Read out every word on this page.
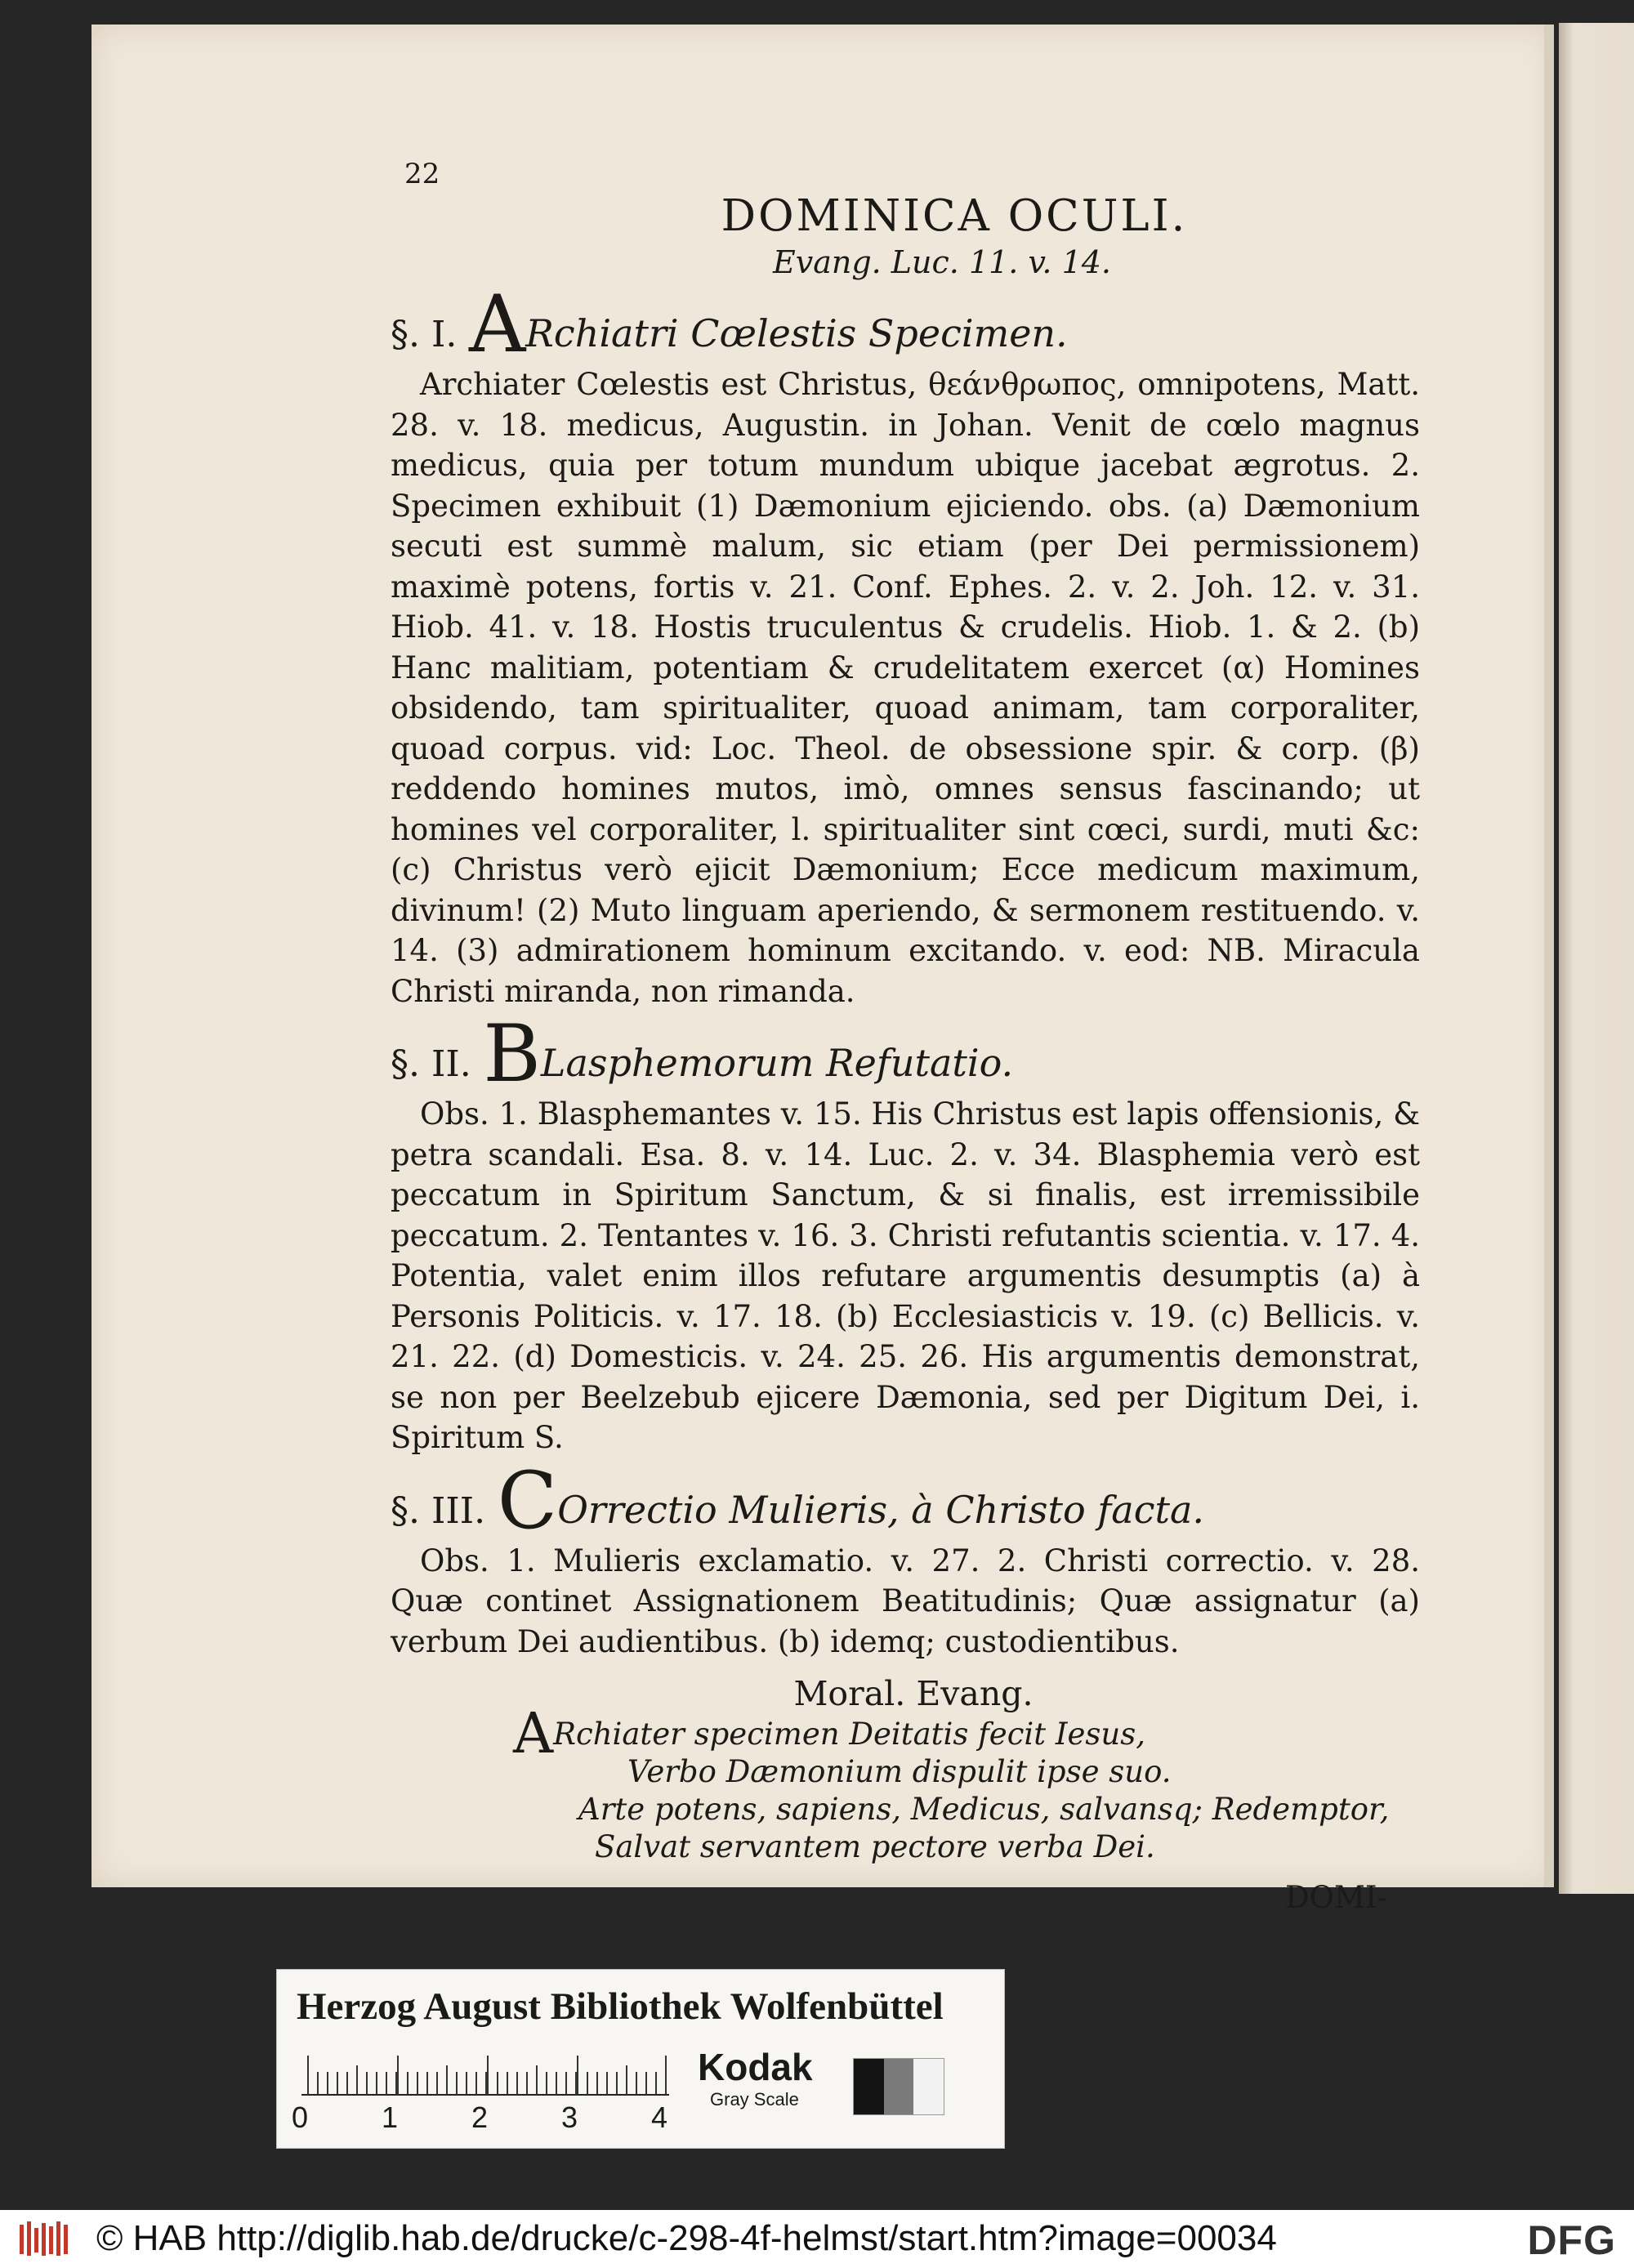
22
DOMINICA OCULI.
Evang. Luc. 11. v. 14.
§. I. ARchiatri Cœlestis Specimen.

Archiater Cœlestis est Christus, θεάνθρωπος, omnipotens, Matt. 28. v. 18. medicus, Augustin. in Johan. Venit de cœlo magnus medicus, quia per totum mundum ubique jacebat ægrotus. 2. Specimen exhibuit (1) Dæmonium ejiciendo. obs. (a) Dæmonium secuti est summè malum, sic etiam (per Dei permissionem) maximè potens, fortis v. 21. Conf. Ephes. 2. v. 2. Joh. 12. v. 31. Hiob. 41. v. 18. Hostis truculentus & crudelis. Hiob. 1. & 2. (b) Hanc malitiam, potentiam & crudelitatem exercet (α) Homines obsidendo, tam spiritualiter, quoad animam, tam corporaliter, quoad corpus. vid: Loc. Theol. de obsessione spir. & corp. (β) reddendo homines mutos, imò, omnes sensus fascinando; ut homines vel corporaliter, l. spiritualiter sint cœci, surdi, muti &c: (c) Christus verò ejicit Dæmonium; Ecce medicum maximum, divinum! (2) Muto linguam aperiendo, & sermonem restituendo. v. 14. (3) admirationem hominum excitando. v. eod: NB. Miracula Christi miranda, non rimanda.

§. II. BLasphemorum Refutatio.

Obs. 1. Blasphemantes v. 15. His Christus est lapis offensionis, & petra scandali. Esa. 8. v. 14. Luc. 2. v. 34. Blasphemia verò est peccatum in Spiritum Sanctum, & si finalis, est irremissibile peccatum. 2. Tentantes v. 16. 3. Christi refutantis scientia. v. 17. 4. Potentia, valet enim illos refutare argumentis desumptis (a) à Personis Politicis. v. 17. 18. (b) Ecclesiasticis v. 19. (c) Bellicis. v. 21. 22. (d) Domesticis. v. 24. 25. 26. His argumentis demonstrat, se non per Beelzebub ejicere Dæmonia, sed per Digitum Dei, i. Spiritum S.

§. III. COrrectio Mulieris, à Christo facta.

Obs. 1. Mulieris exclamatio. v. 27. 2. Christi correctio. v. 28. Quæ continet Assignationem Beatitudinis; Quæ assignatur (a) verbum Dei audientibus. (b) idemq; custodientibus.

Moral. Evang.
ARchiater specimen Deitatis fecit Iesus,
Verbo Dæmonium dispulit ipse suo.
Arte potens, sapiens, Medicus, salvansq; Redemptor,
Salvat servantem pectore verba Dei.
DOMI-
Herzog August Bibliothek Wolfenbüttel
0 1 2 3 4
Kodak
Gray Scale
© HAB http://diglib.hab.de/drucke/c-298-4f-helmst/start.htm?image=00034	DFG
